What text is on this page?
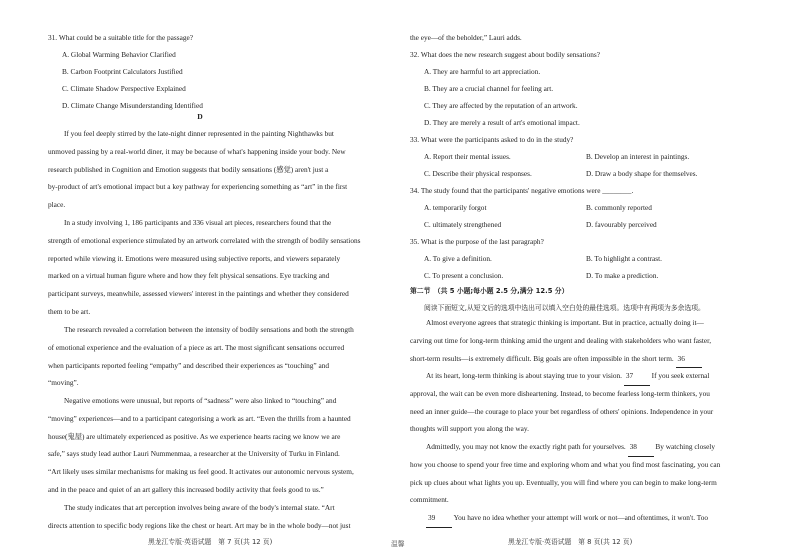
31. What could be a suitable title for the passage?

A. Global Warming Behavior Clarified

B. Carbon Footprint Calculators Justified

C. Climate Shadow Perspective Explained

D. Climate Change Misunderstanding Identified

D
If you feel deeply stirred by the late-night dinner represented in the painting Nighthawks but
unmoved passing by a real-world diner, it may be because of what's happening inside your body. New
research published in Cognition and Emotion suggests that bodily sensations (感觉) aren't just a
by-product of art's emotional impact but a key pathway for experiencing something as “art” in the first
place.
In a study involving 1, 186 participants and 336 visual art pieces, researchers found that the
strength of emotional experience stimulated by an artwork correlated with the strength of bodily sensations
reported while viewing it. Emotions were measured using subjective reports, and viewers separately
marked on a virtual human figure where and how they felt physical sensations. Eye tracking and
participant surveys, meanwhile, assessed viewers' interest in the paintings and whether they considered
them to be art.
The research revealed a correlation between the intensity of bodily sensations and both the strength
of emotional experience and the evaluation of a piece as art. The most significant sensations occurred
when participants reported feeling “empathy” and described their experiences as “touching” and
“moving”.
Negative emotions were unusual, but reports of “sadness” were also linked to “touching” and
“moving” experiences—and to a participant categorising a work as art. “Even the thrills from a haunted
house(鬼屋) are ultimately experienced as positive. As we experience hearts racing we know we are
safe,” says study lead author Lauri Nummenmaa, a researcher at the University of Turku in Finland.
“Art likely uses similar mechanisms for making us feel good. It activates our autonomic nervous system,
and in the peace and quiet of an art gallery this increased bodily activity that feels good to us.”
The study indicates that art perception involves being aware of the body's internal state. “Art
directs attention to specific body regions like the chest or heart. Art may be in the whole body—not just
黑龙江专版·英语试题　第 7 页(共 12 页)	温馨

the eye—of the beholder,” Lauri adds.

32. What does the new research suggest about bodily sensations?

A. They are harmful to art appreciation.

B. They are a crucial channel for feeling art.

C. They are affected by the reputation of an artwork.

D. They are merely a result of art's emotional impact.

33. What were the participants asked to do in the study?

A. Report their mental issues.	B. Develop an interest in paintings.

C. Describe their physical responses.	D. Draw a body shape for themselves.

34. The study found that the participants' negative emotions were ________.

A. temporarily forgot	B. commonly reported

C. ultimately strengthened	D. favourably perceived

35. What is the purpose of the last paragraph?

A. To give a definition.	B. To highlight a contrast.

C. To present a conclusion.	D. To make a prediction.

第二节　（共 5 小题;每小题 2.5 分,满分 12.5 分）

阅读下面短文,从短文后的选项中选出可以填入空白处的最佳选项。选项中有两项为多余选项。

Almost everyone agrees that strategic thinking is important. But in practice, actually doing it—
carving out time for long-term thinking amid the urgent and dealing with stakeholders who want faster,
short-term results—is extremely difficult. Big goals are often impossible in the short term. 36
At its heart, long-term thinking is about staying true to your vision. 37	If you seek external
approval, the wait can be even more disheartening. Instead, to become fearless long-term thinkers, you
need an inner guide—the courage to place your bet regardless of others' opinions. Independence in your
thoughts will support you along the way.
Admittedly, you may not know the exactly right path for yourselves. 38	By watching closely
how you choose to spend your free time and exploring whom and what you find most fascinating, you can
pick up clues about what lights you up. Eventually, you will find where you can begin to make long-term
commitment.
39	You have no idea whether your attempt will work or not—and oftentimes, it won't. Too
黑龙江专版·英语试题　第 8 页(共 12 页)
